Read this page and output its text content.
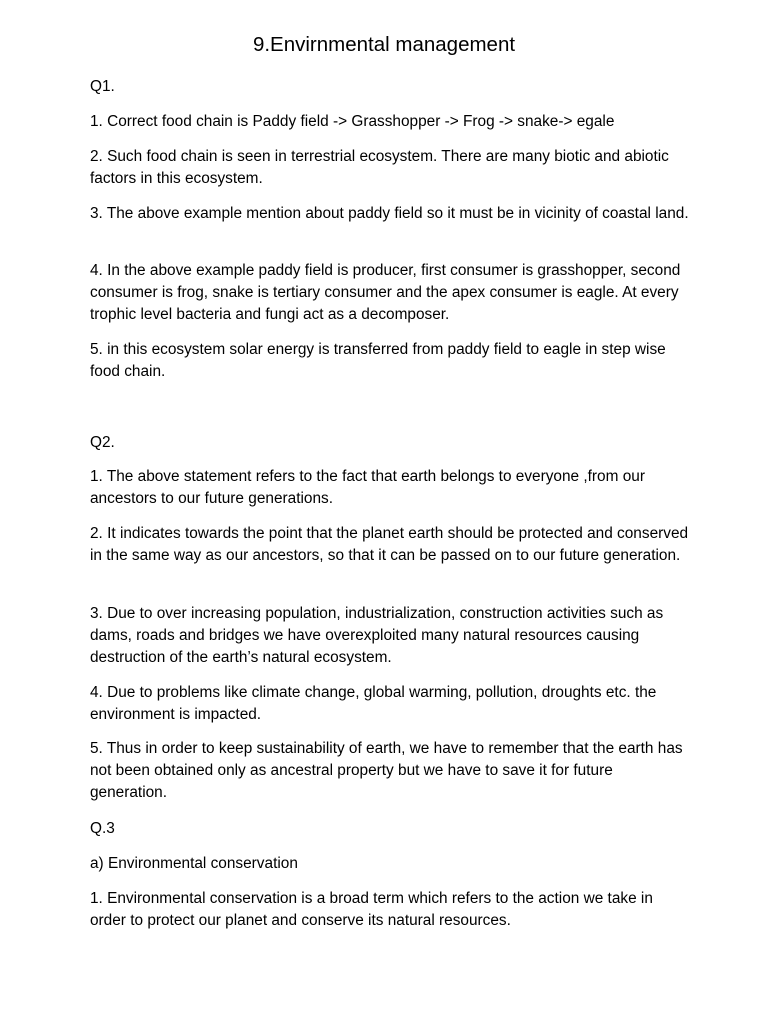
9.Envirnmental management

Q1.

1. Correct food chain is Paddy field -> Grasshopper -> Frog -> snake-> egale

2. Such food chain is seen in terrestrial ecosystem. There are many biotic and abiotic factors in this ecosystem.

3. The above example mention about paddy field so it must be in vicinity of coastal land.

4. In the above example paddy field is producer, first consumer is grasshopper, second consumer is frog, snake is tertiary consumer and the apex consumer is eagle. At every trophic level bacteria and fungi act as a decomposer.

5. in this ecosystem solar energy is transferred from paddy field to eagle in step wise food chain.

Q2.

1. The above statement refers to the fact that earth belongs to everyone ,from our ancestors to our future generations.

2. It indicates towards the point that the planet earth should be protected and conserved in the same way as our ancestors, so that it can be passed on to our future generation.

3. Due to over increasing population, industrialization, construction activities such as dams, roads and bridges we have overexploited many natural resources causing destruction of the earth’s natural ecosystem.

4. Due to problems like climate change, global warming, pollution, droughts etc. the environment is impacted.

5. Thus in order to keep sustainability of earth, we have to remember that the earth has not been obtained only as ancestral property but we have to save it for future generation.

Q.3

a) Environmental conservation

1. Environmental conservation is a broad term which refers to the action we take in order to protect our planet and conserve its natural resources.
